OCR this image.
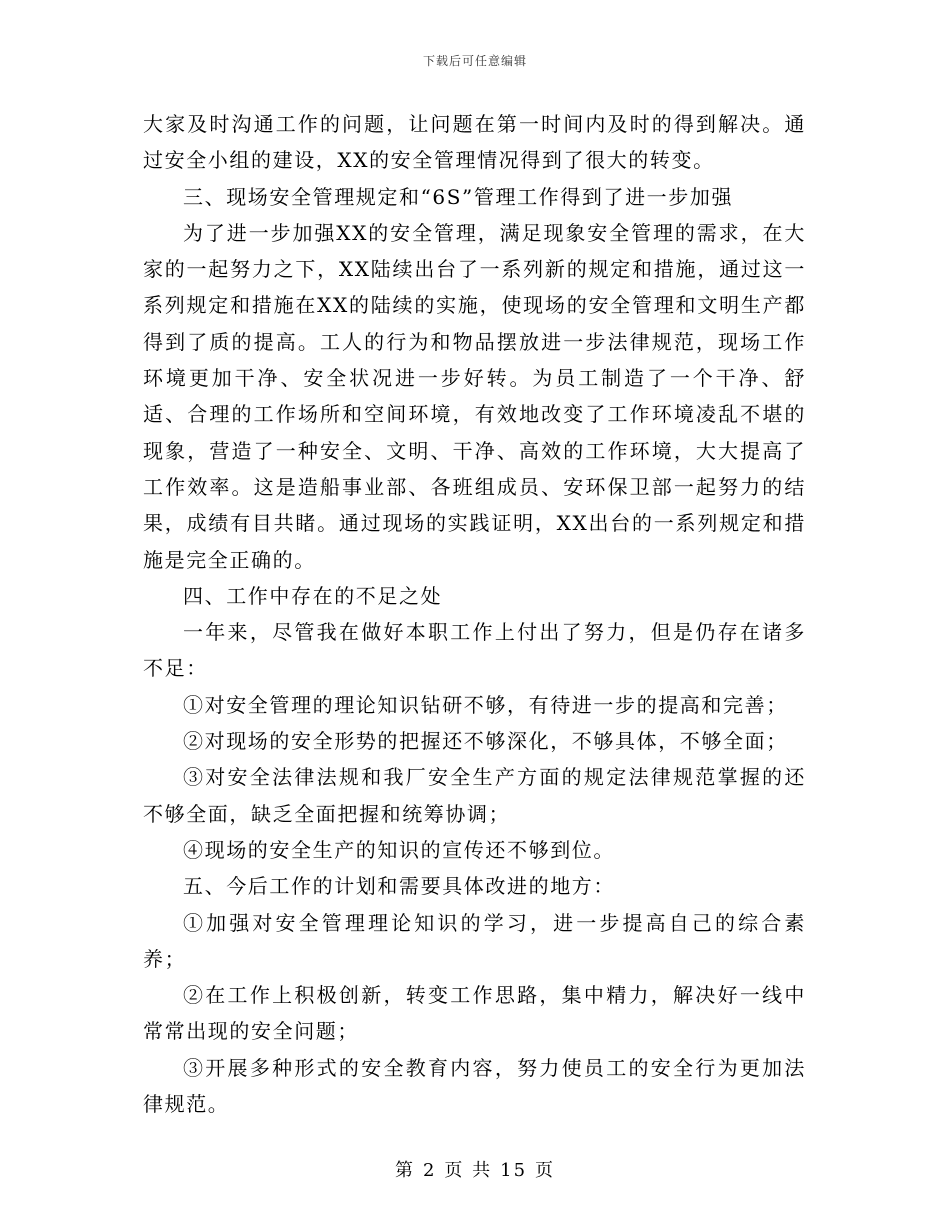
下载后可任意编辑

大家及时沟通工作的问题，让问题在第一时间内及时的得到解决。通过安全小组的建设，XX的安全管理情况得到了很大的转变。

三、现场安全管理规定和“6S”管理工作得到了进一步加强

为了进一步加强XX的安全管理，满足现象安全管理的需求，在大家的一起努力之下，XX陆续出台了一系列新的规定和措施，通过这一系列规定和措施在XX的陆续的实施，使现场的安全管理和文明生产都得到了质的提高。工人的行为和物品摆放进一步法律规范，现场工作环境更加干净、安全状况进一步好转。为员工制造了一个干净、舒适、合理的工作场所和空间环境，有效地改变了工作环境凌乱不堪的现象，营造了一种安全、文明、干净、高效的工作环境，大大提高了工作效率。这是造船事业部、各班组成员、安环保卫部一起努力的结果，成绩有目共睹。通过现场的实践证明，XX出台的一系列规定和措施是完全正确的。

四、工作中存在的不足之处

一年来，尽管我在做好本职工作上付出了努力，但是仍存在诸多不足：

①对安全管理的理论知识钻研不够，有待进一步的提高和完善；

②对现场的安全形势的把握还不够深化，不够具体，不够全面；

③对安全法律法规和我厂安全生产方面的规定法律规范掌握的还不够全面，缺乏全面把握和统筹协调；

④现场的安全生产的知识的宣传还不够到位。

五、今后工作的计划和需要具体改进的地方：

①加强对安全管理理论知识的学习，进一步提高自己的综合素养；

②在工作上积极创新，转变工作思路，集中精力，解决好一线中常常出现的安全问题；

③开展多种形式的安全教育内容，努力使员工的安全行为更加法律规范。

第 2 页 共 15 页
